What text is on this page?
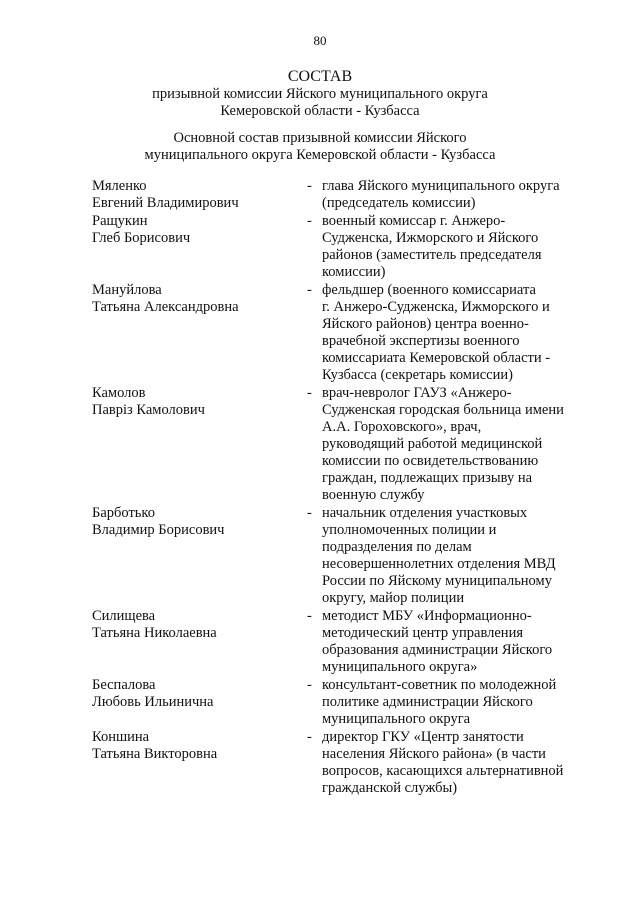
80
СОСТАВ
призывной комиссии Яйского муниципального округа
Кемеровской области - Кузбасса
Основной состав призывной комиссии Яйского
муниципального округа Кемеровской области - Кузбасса
Мяленко
Евгений Владимирович
- глава Яйского муниципального округа
(председатель комиссии)
Ращукин
Глеб Борисович
- военный комиссар г. Анжеро-
Судженска, Ижморского и Яйского
районов (заместитель председателя
комиссии)
Мануйлова
Татьяна Александровна
- фельдшер (военного комиссариата
г. Анжеро-Судженска, Ижморского и
Яйского районов) центра военно-
врачебной экспертизы военного
комиссариата Кемеровской области -
Кузбасса (секретарь комиссии)
Камолов
Паврiз Камолович
- врач-невролог ГАУЗ «Анжеро-
Судженская городская больница имени
А.А. Гороховского», врач,
руководящий работой медицинской
комиссии по освидетельствованию
граждан, подлежащих призыву на
военную службу
Барботько
Владимир Борисович
- начальник отделения участковых
уполномоченных полиции и
подразделения по делам
несовершеннолетних отделения МВД
России по Яйскому муниципальному
округу, майор полиции
Силищева
Татьяна Николаевна
- методист МБУ «Информационно-
методический центр управления
образования администрации Яйского
муниципального округа»
Беспалова
Любовь Ильинична
- консультант-советник по молодежной
политике администрации Яйского
муниципального округа
Коншина
Татьяна Викторовна
- директор ГКУ «Центр занятости
населения Яйского района» (в части
вопросов, касающихся альтернативной
гражданской службы)
